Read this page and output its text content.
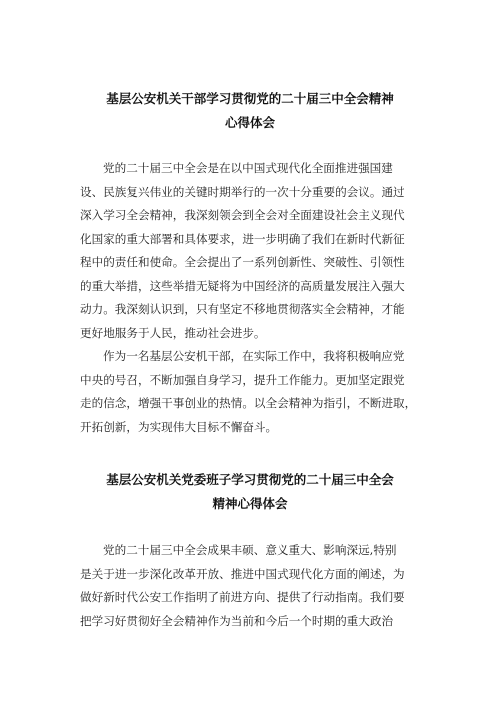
基层公安机关干部学习贯彻党的二十届三中全会精神
心得体会
党的二十届三中全会是在以中国式现代化全面推进强国建
设、民族复兴伟业的关键时期举行的一次十分重要的会议。通过
深入学习全会精神，我深刻领会到全会对全面建设社会主义现代
化国家的重大部署和具体要求，进一步明确了我们在新时代新征
程中的责任和使命。全会提出了一系列创新性、突破性、引领性
的重大举措，这些举措无疑将为中国经济的高质量发展注入强大
动力。我深刻认识到，只有坚定不移地贯彻落实全会精神，才能
更好地服务于人民，推动社会进步。
作为一名基层公安机干部，在实际工作中，我将积极响应党
中央的号召，不断加强自身学习，提升工作能力。更加坚定跟党
走的信念，增强干事创业的热情。以全会精神为指引，不断进取，
开拓创新，为实现伟大目标不懈奋斗。
基层公安机关党委班子学习贯彻党的二十届三中全会
精神心得体会
党的二十届三中全会成果丰硕、意义重大、影响深远,特别
是关于进一步深化改革开放、推进中国式现代化方面的阐述，为
做好新时代公安工作指明了前进方向、提供了行动指南。我们要
把学习好贯彻好全会精神作为当前和今后一个时期的重大政治
